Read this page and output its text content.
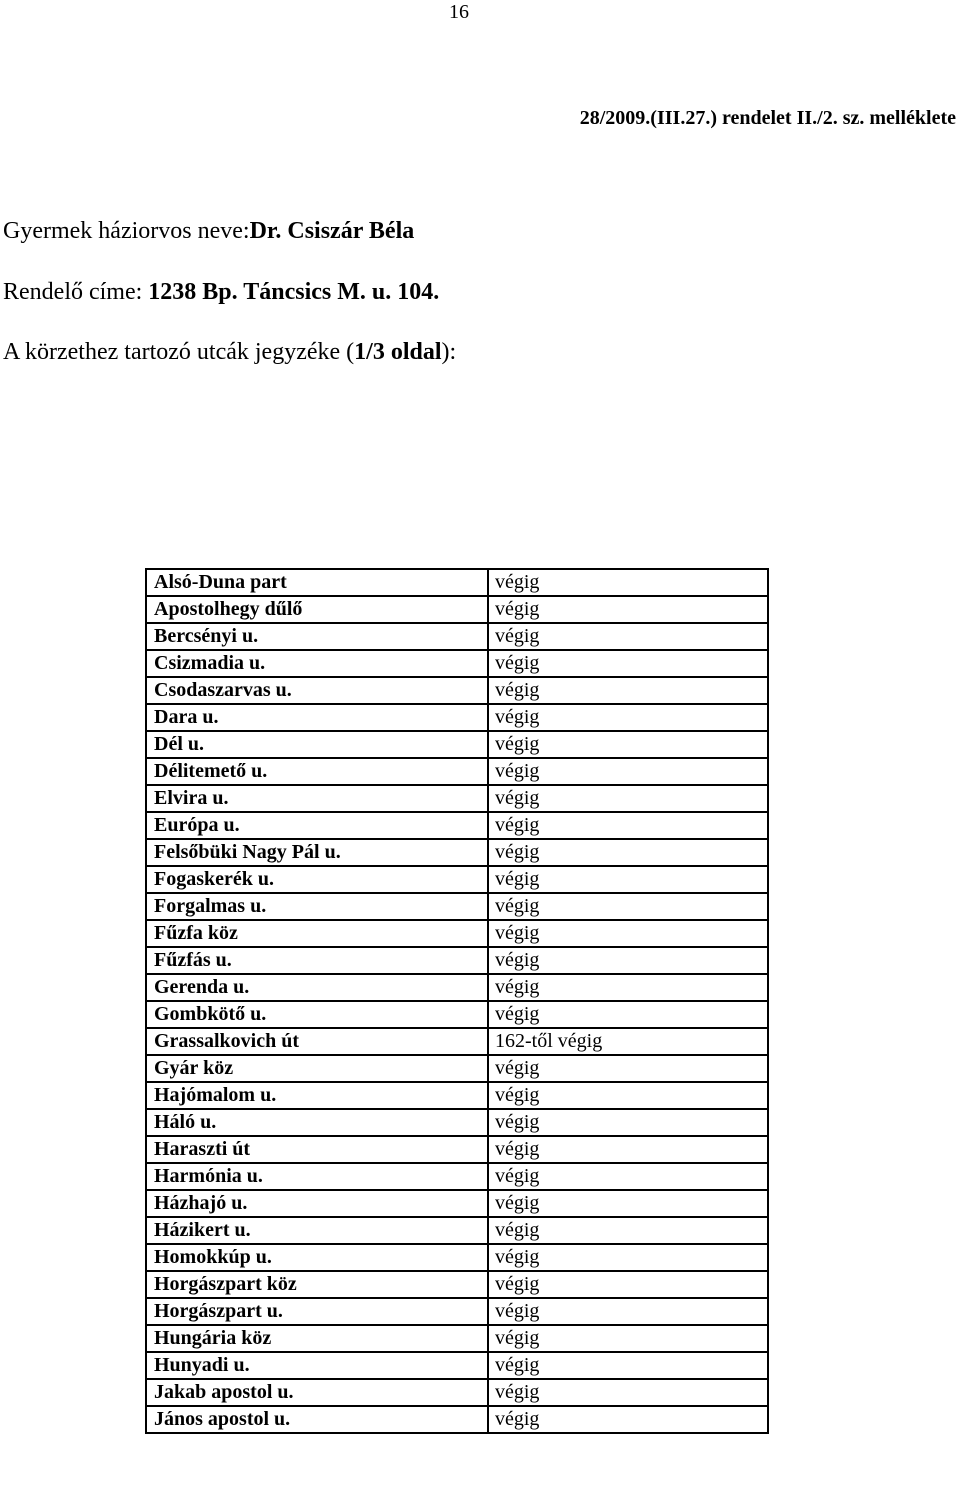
16
28/2009.(III.27.) rendelet II./2. sz. melléklete
Gyermek háziorvos neve:Dr. Csiszár Béla
Rendelő címe: 1238 Bp. Táncsics M. u. 104.
A körzethez tartozó utcák jegyzéke (1/3 oldal):
Alsó-Duna part	végig
Apostolhegy dűlő	végig
Bercsényi u.	végig
Csizmadia u.	végig
Csodaszarvas u.	végig
Dara u.	végig
Dél u.	végig
Délitemető u.	végig
Elvira u.	végig
Európa u.	végig
Felsőbüki Nagy Pál u.	végig
Fogaskerék u.	végig
Forgalmas u.	végig
Fűzfa köz	végig
Fűzfás u.	végig
Gerenda u.	végig
Gombkötő u.	végig
Grassalkovich út	162-től végig
Gyár köz	végig
Hajómalom u.	végig
Háló u.	végig
Haraszti út	végig
Harmónia u.	végig
Házhajó u.	végig
Házikert u.	végig
Homokkúp u.	végig
Horgászpart köz	végig
Horgászpart u.	végig
Hungária köz	végig
Hunyadi u.	végig
Jakab apostol u.	végig
János apostol u.	végig
